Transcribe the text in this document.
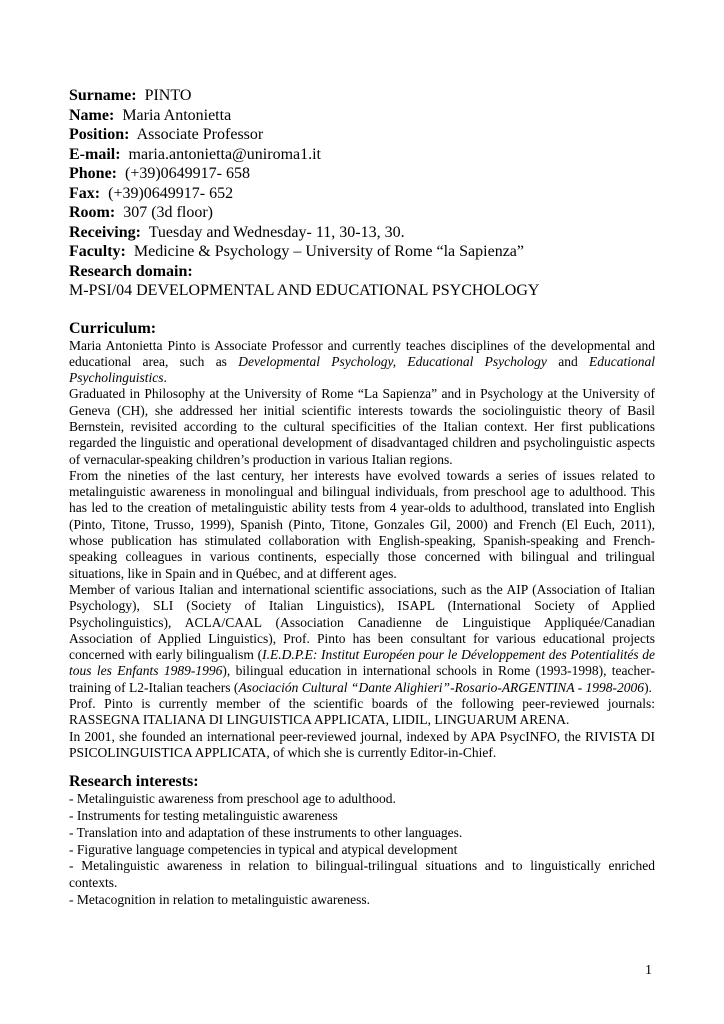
Surname: PINTO

Name: Maria Antonietta

Position: Associate Professor

E-mail: maria.antonietta@uniroma1.it

Phone: (+39)0649917- 658

Fax: (+39)0649917- 652

Room: 307 (3d floor)

Receiving: Tuesday and Wednesday- 11, 30-13, 30.

Faculty: Medicine & Psychology – University of Rome “la Sapienza”

Research domain:

M-PSI/04 DEVELOPMENTAL AND EDUCATIONAL PSYCHOLOGY

Curriculum:

Maria Antonietta Pinto is Associate Professor and currently teaches disciplines of the developmental and educational area, such as Developmental Psychology, Educational Psychology and Educational Psycholinguistics.

Graduated in Philosophy at the University of Rome “La Sapienza” and in Psychology at the University of Geneva (CH), she addressed her initial scientific interests towards the sociolinguistic theory of Basil Bernstein, revisited according to the cultural specificities of the Italian context. Her first publications regarded the linguistic and operational development of disadvantaged children and psycholinguistic aspects of vernacular-speaking children’s production in various Italian regions.

From the nineties of the last century, her interests have evolved towards a series of issues related to metalinguistic awareness in monolingual and bilingual individuals, from preschool age to adulthood. This has led to the creation of metalinguistic ability tests from 4 year-olds to adulthood, translated into English (Pinto, Titone, Trusso, 1999), Spanish (Pinto, Titone, Gonzales Gil, 2000) and French (El Euch, 2011), whose publication has stimulated collaboration with English-speaking, Spanish-speaking and French-speaking colleagues in various continents, especially those concerned with bilingual and trilingual situations, like in Spain and in Québec, and at different ages.

Member of various Italian and international scientific associations, such as the AIP (Association of Italian Psychology), SLI (Society of Italian Linguistics), ISAPL (International Society of Applied Psycholinguistics), ACLA/CAAL (Association Canadienne de Linguistique Appliquée/Canadian Association of Applied Linguistics), Prof. Pinto has been consultant for various educational projects concerned with early bilingualism (I.E.D.P.E: Institut Européen pour le Développement des Potentialités de tous les Enfants 1989-1996), bilingual education in international schools in Rome (1993-1998), teacher-training of L2-Italian teachers (Asociación Cultural “Dante Alighieri”-Rosario-ARGENTINA - 1998-2006).

Prof. Pinto is currently member of the scientific boards of the following peer-reviewed journals: RASSEGNA ITALIANA DI LINGUISTICA APPLICATA, LIDIL, LINGUARUM ARENA.

In 2001, she founded an international peer-reviewed journal, indexed by APA PsycINFO, the RIVISTA DI PSICOLINGUISTICA APPLICATA, of which she is currently Editor-in-Chief.

Research interests:

- Metalinguistic awareness from preschool age to adulthood.

- Instruments for testing metalinguistic awareness

- Translation into and adaptation of these instruments to other languages.

- Figurative language competencies in typical and atypical development

- Metalinguistic awareness in relation to bilingual-trilingual situations and to linguistically enriched contexts.

- Metacognition in relation to metalinguistic awareness.

1
